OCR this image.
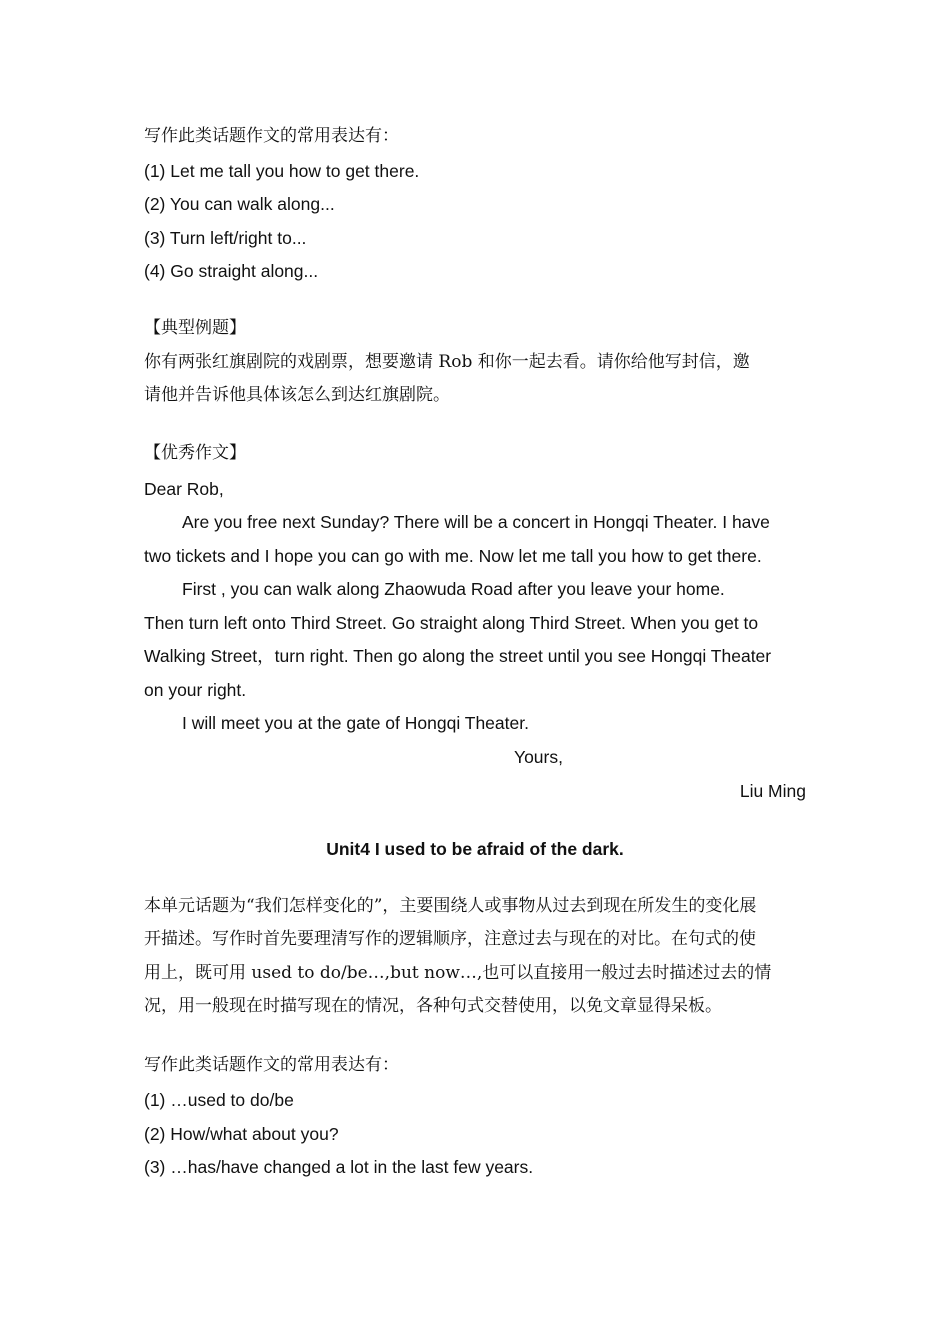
写作此类话题作文的常用表达有：
(1) Let me tall you how to get there.
(2) You can walk along...
(3) Turn left/right to...
(4) Go straight along...
【典型例题】
你有两张红旗剧院的戏剧票，想要邀请 Rob 和你一起去看。请你给他写封信，邀
请他并告诉他具体该怎么到达红旗剧院。
【优秀作文】
Dear Rob,
Are you free next Sunday? There will be a concert in Hongqi Theater. I have
two tickets and I hope you can go with me. Now let me tall you how to get there.
First , you can walk along Zhaowuda Road after you leave your home.
Then turn left onto Third Street. Go straight along Third Street. When you get to
Walking Street，turn right. Then go along the street until you see Hongqi Theater
on your right.
I will meet you at the gate of Hongqi Theater.
Yours,
Liu Ming
Unit4 I used to be afraid of the dark.
本单元话题为“我们怎样变化的”，主要围绕人或事物从过去到现在所发生的变化展
开描述。写作时首先要理清写作的逻辑顺序，注意过去与现在的对比。在句式的使
用上，既可用 used to do/be…,but now…,也可以直接用一般过去时描述过去的情
况，用一般现在时描写现在的情况，各种句式交替使用，以免文章显得呆板。
写作此类话题作文的常用表达有：
(1) …used to do/be
(2) How/what about you?
(3) …has/have changed a lot in the last few years.
